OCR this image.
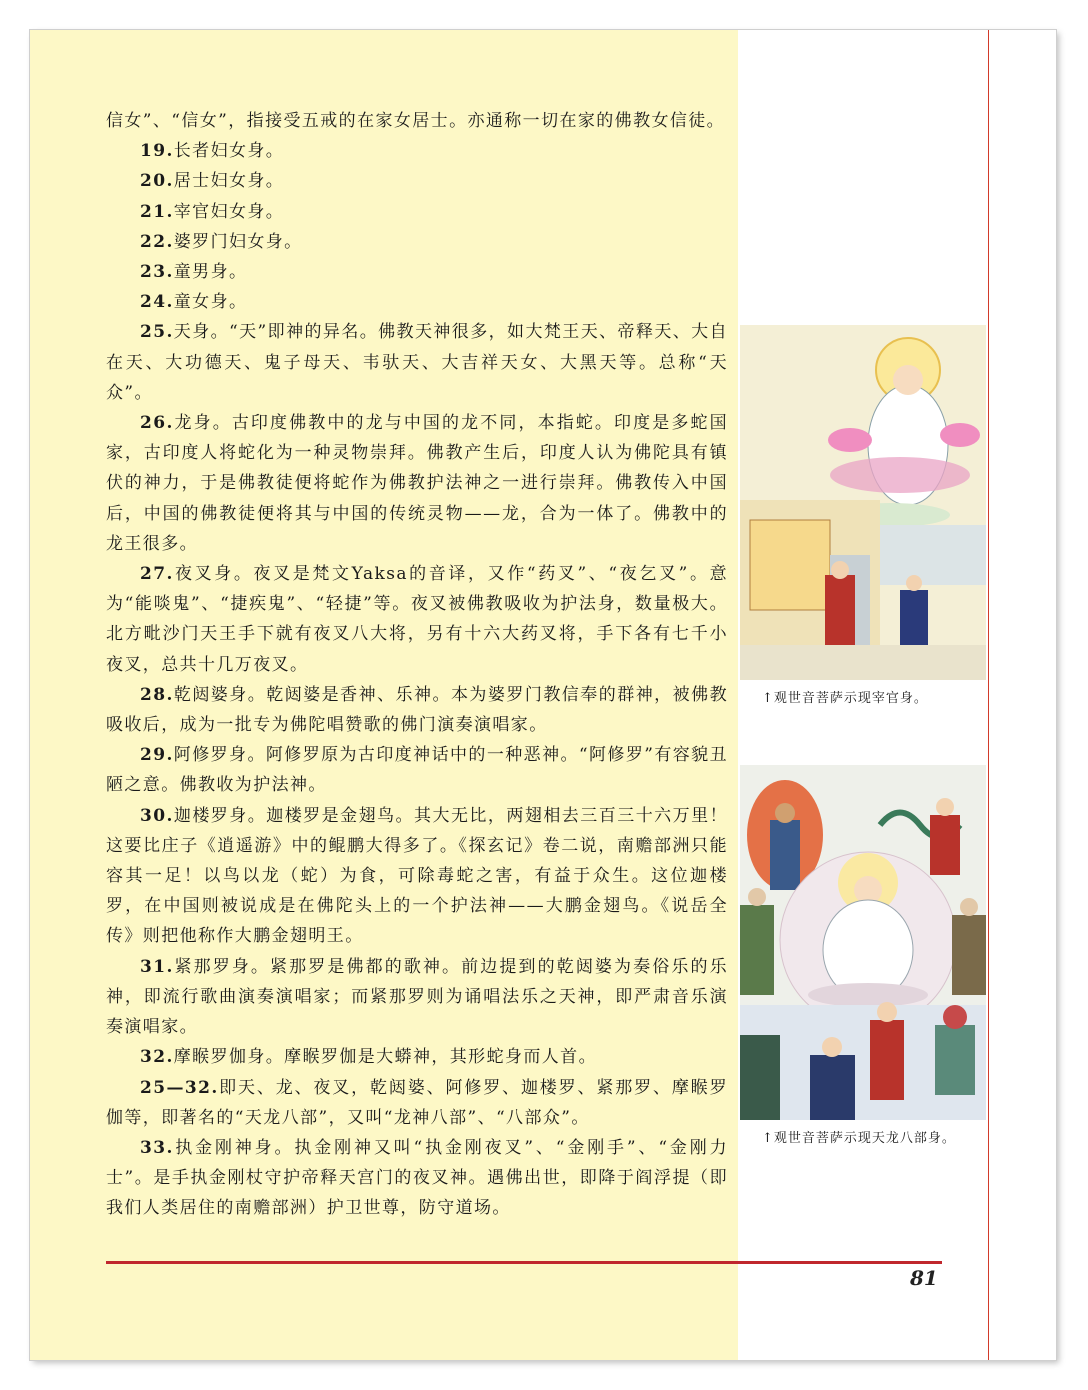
信女”、“信女”，指接受五戒的在家女居士。亦通称一切在家的佛教女信徒。

19.长者妇女身。

20.居士妇女身。

21.宰官妇女身。

22.婆罗门妇女身。

23.童男身。

24.童女身。

25.天身。“天”即神的异名。佛教天神很多，如大梵王天、帝释天、大自在天、大功德天、鬼子母天、韦驮天、大吉祥天女、大黑天等。总称“天众”。

26.龙身。古印度佛教中的龙与中国的龙不同，本指蛇。印度是多蛇国家，古印度人将蛇化为一种灵物崇拜。佛教产生后，印度人认为佛陀具有镇伏的神力，于是佛教徒便将蛇作为佛教护法神之一进行崇拜。佛教传入中国后，中国的佛教徒便将其与中国的传统灵物——龙，合为一体了。佛教中的龙王很多。

27.夜叉身。夜叉是梵文Yaksa的音译，又作“药叉”、“夜乞叉”。意为“能啖鬼”、“捷疾鬼”、“轻捷”等。夜叉被佛教吸收为护法身，数量极大。北方毗沙门天王手下就有夜叉八大将，另有十六大药叉将，手下各有七千小夜叉，总共十几万夜叉。

28.乾闼婆身。乾闼婆是香神、乐神。本为婆罗门教信奉的群神，被佛教吸收后，成为一批专为佛陀唱赞歌的佛门演奏演唱家。

29.阿修罗身。阿修罗原为古印度神话中的一种恶神。“阿修罗”有容貌丑陋之意。佛教收为护法神。

30.迦楼罗身。迦楼罗是金翅鸟。其大无比，两翅相去三百三十六万里！这要比庄子《逍遥游》中的鲲鹏大得多了。《探玄记》卷二说，南赡部洲只能容其一足！以鸟以龙（蛇）为食，可除毒蛇之害，有益于众生。这位迦楼罗，在中国则被说成是在佛陀头上的一个护法神——大鹏金翅鸟。《说岳全传》则把他称作大鹏金翅明王。

31.紧那罗身。紧那罗是佛都的歌神。前边提到的乾闼婆为奏俗乐的乐神，即流行歌曲演奏演唱家；而紧那罗则为诵唱法乐之天神，即严肃音乐演奏演唱家。

32.摩睺罗伽身。摩睺罗伽是大蟒神，其形蛇身而人首。

25—32.即天、龙、夜叉，乾闼婆、阿修罗、迦楼罗、紧那罗、摩睺罗伽等，即著名的“天龙八部”，又叫“龙神八部”、“八部众”。

33.执金刚神身。执金刚神又叫“执金刚夜叉”、“金刚手”、“金刚力士”。是手执金刚杖守护帝释天宫门的夜叉神。遇佛出世，即降于阎浮提（即我们人类居住的南赡部洲）护卫世尊，防守道场。

↑观世音菩萨示现宰官身。
↑观世音菩萨示现天龙八部身。
81
